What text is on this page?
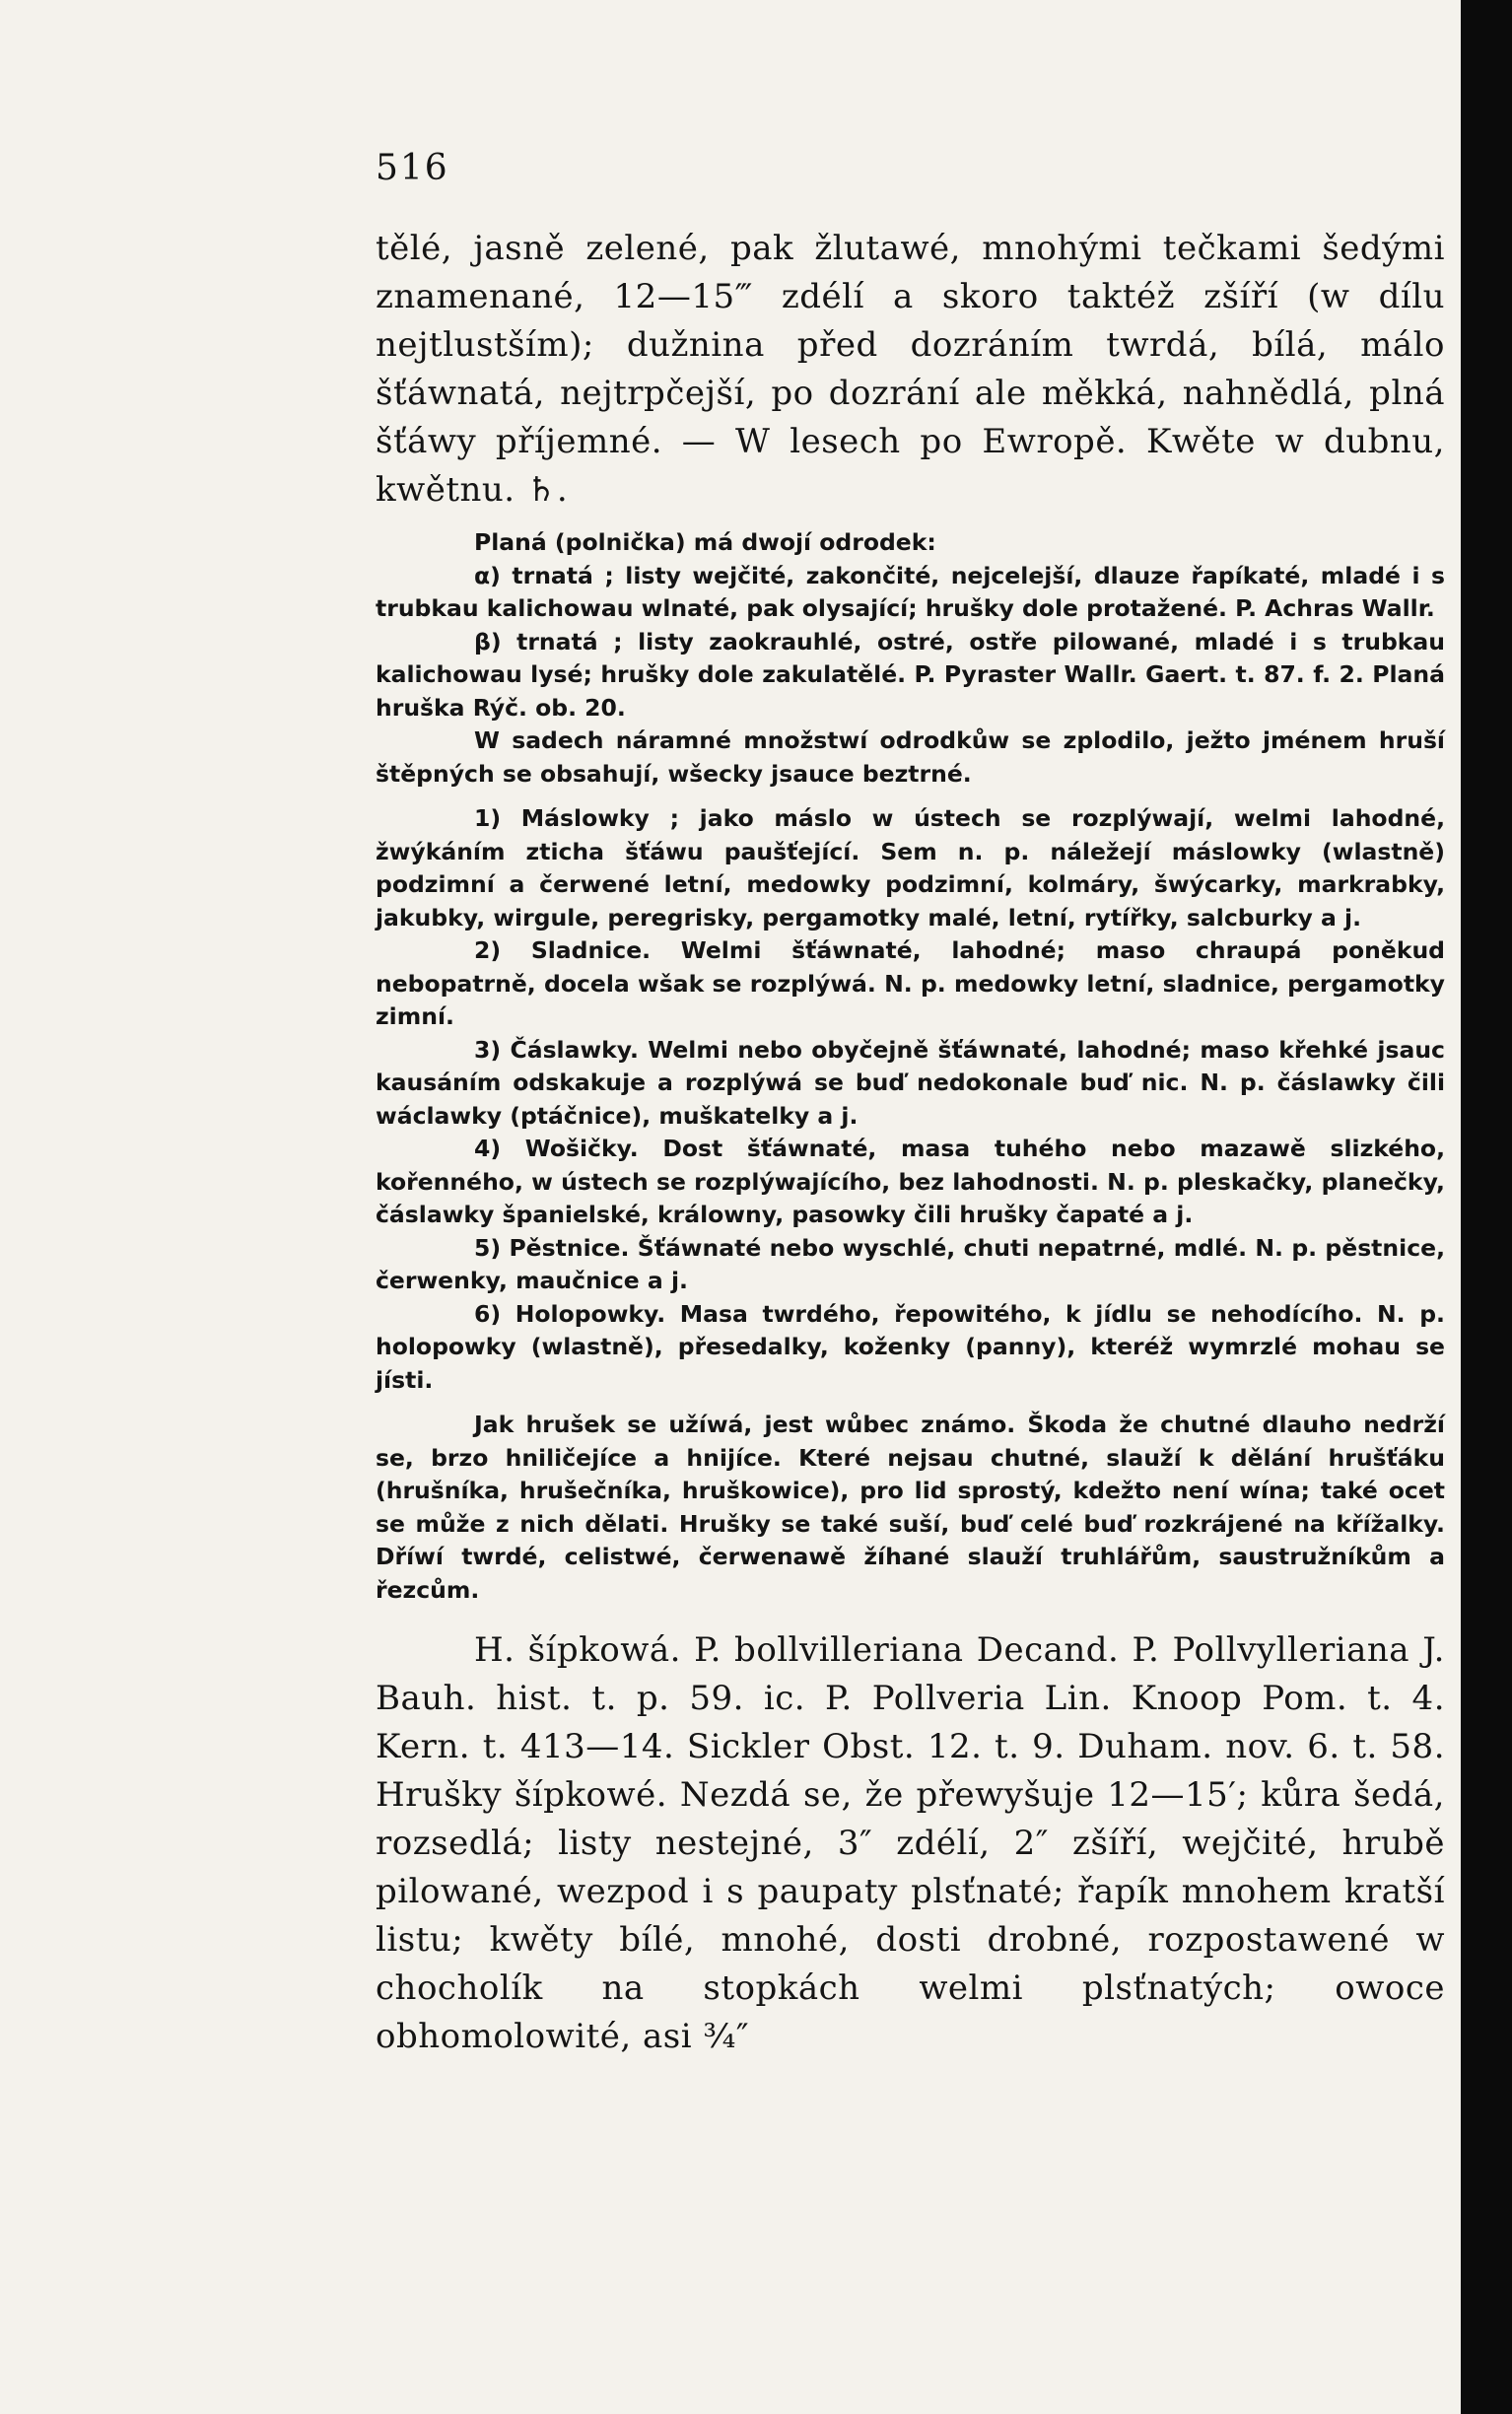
516

tělé, jasně zelené, pak žlutawé, mnohými tečkami šedými znamenané, 12—15‴ zdélí a skoro taktéž zšíří (w dílu nejtlustším); dužnina před dozráním twrdá, bílá, málo šťáwnatá, nejtrpčejší, po dozrání ale měkká, nahnědlá, plná šťáwy příjemné. — W lesech po Ewropě. Kwěte w dubnu, kwětnu. ♄.

Planá (polnička) má dwojí odrodek:

α) trnatá ; listy wejčité, zakončité, nejcelejší, dlauze řapíkaté, mladé i s trubkau kalichowau wlnaté, pak olysající; hrušky dole protažené. P. Achras Wallr.

β) trnatá ; listy zaokrauhlé, ostré, ostře pilowané, mladé i s trubkau kalichowau lysé; hrušky dole zakulatělé. P. Pyraster Wallr. Gaert. t. 87. f. 2. Planá hruška Rýč. ob. 20.

W sadech náramné množstwí odrodkůw se zplodilo, ježto jménem hruší štěpných se obsahují, wšecky jsauce beztrné.

1) Máslowky ; jako máslo w ústech se rozplýwají, welmi lahodné, žwýkáním zticha šťáwu paušťející. Sem n. p. náležejí máslowky (wlastně) podzimní a čerwené letní, medowky podzimní, kolmáry, šwýcarky, markrabky, jakubky, wirgule, peregrisky, pergamotky malé, letní, rytířky, salcburky a j.

2) Sladnice. Welmi šťáwnaté, lahodné; maso chraupá poněkud nebopatrně, docela wšak se rozplýwá. N. p. medowky letní, sladnice, pergamotky zimní.

3) Čáslawky. Welmi nebo obyčejně šťáwnaté, lahodné; maso křehké jsauc kausáním odskakuje a rozplýwá se buď nedokonale buď nic. N. p. čáslawky čili wáclawky (ptáčnice), muškatelky a j.

4) Wošičky. Dost šťáwnaté, masa tuhého nebo mazawě slizkého, kořenného, w ústech se rozplýwajícího, bez lahodnosti. N. p. pleskačky, planečky, čáslawky španielské, králowny, pasowky čili hrušky čapaté a j.

5) Pěstnice. Šťáwnaté nebo wyschlé, chuti nepatrné, mdlé. N. p. pěstnice, čerwenky, maučnice a j.

6) Holopowky. Masa twrdého, řepowitého, k jídlu se nehodícího. N. p. holopowky (wlastně), přesedalky, koženky (panny), kteréž wymrzlé mohau se jísti.

Jak hrušek se užíwá, jest wůbec známo. Škoda že chutné dlauho nedrží se, brzo hniličejíce a hnijíce. Které nejsau chutné, slauží k dělání hrušťáku (hrušníka, hrušečníka, hruškowice), pro lid sprostý, kdežto není wína; také ocet se může z nich dělati. Hrušky se také suší, buď celé buď rozkrájené na křížalky. Dříwí twrdé, celistwé, čerwenawě žíhané slauží truhlářům, saustružníkům a řezcům.

H. šípkowá. P. bollvilleriana Decand. P. Pollvylleriana J. Bauh. hist. t. p. 59. ic. P. Pollveria Lin. Knoop Pom. t. 4. Kern. t. 413—14. Sickler Obst. 12. t. 9. Duham. nov. 6. t. 58. Hrušky šípkowé. Nezdá se, že přewyšuje 12—15′; kůra šedá, rozsedlá; listy nestejné, 3″ zdélí, 2″ zšíří, wejčité, hrubě pilowané, wezpod i s paupaty plsťnaté; řapík mnohem kratší listu; kwěty bílé, mnohé, dosti drobné, rozpostawené w chocholík na stopkách welmi plsťnatých; owoce obhomolowité, asi ¾″
